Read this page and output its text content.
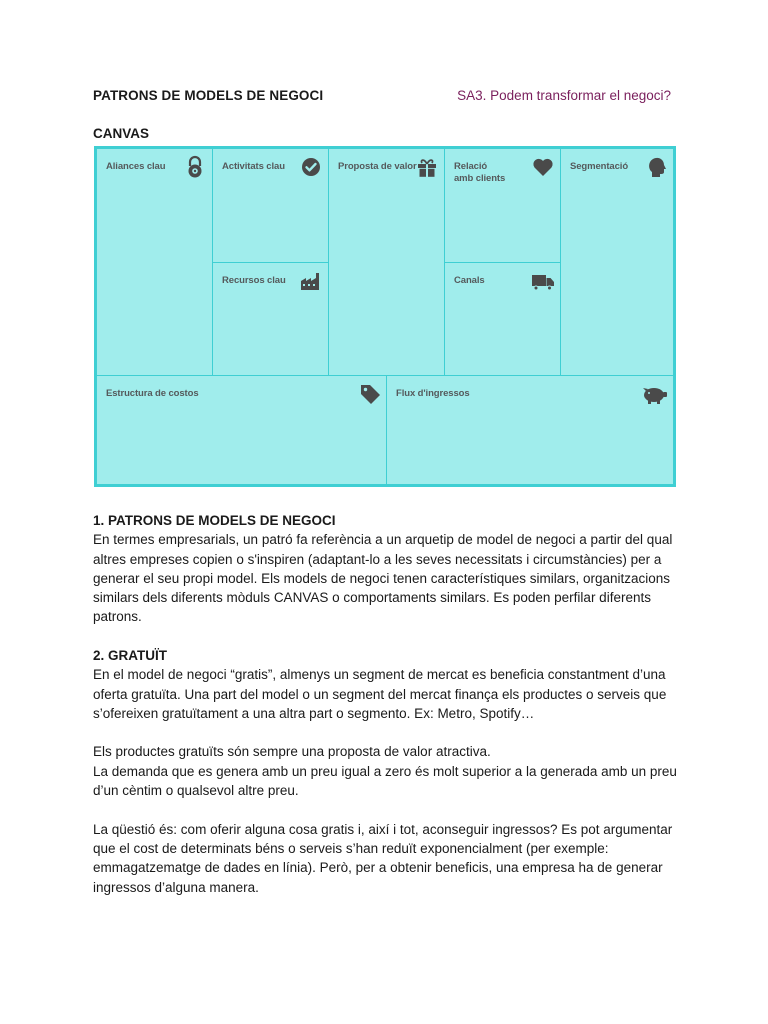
PATRONS DE MODELS DE NEGOCI	SA3. Podem transformar el negoci?
CANVAS
Aliances clau	Activitats clau
Recursos clau
Proposta de valor	Relació
amb clients
Canals
Segmentació
Estructura de costos	Flux d'ingressos

1. PATRONS DE MODELS DE NEGOCI

En termes empresarials, un patró fa referència a un arquetip de model de negoci a partir del qual altres empreses copien o s'inspiren (adaptant-lo a les seves necessitats i circumstàncies) per a generar el seu propi model. Els models de negoci tenen característiques similars, organitzacions similars dels diferents mòduls CANVAS o comportaments similars. Es poden perfilar diferents patrons.

2. GRATUÏT

En el model de negoci “gratis”, almenys un segment de mercat es beneficia constantment d’una oferta gratuïta. Una part del model o un segment del mercat finança els productes o serveis que s’ofereixen gratuïtament a una altra part o segmento. Ex: Metro, Spotify…

Els productes gratuïts són sempre una proposta de valor atractiva.

La demanda que es genera amb un preu igual a zero és molt superior a la generada amb un preu d’un cèntim o qualsevol altre preu.

La qüestió és: com oferir alguna cosa gratis i, així i tot, aconseguir ingressos? Es pot argumentar que el cost de determinats béns o serveis s’han reduït exponencialment (per exemple: emmagatzematge de dades en línia). Però, per a obtenir beneficis, una empresa ha de generar ingressos d’alguna manera.
